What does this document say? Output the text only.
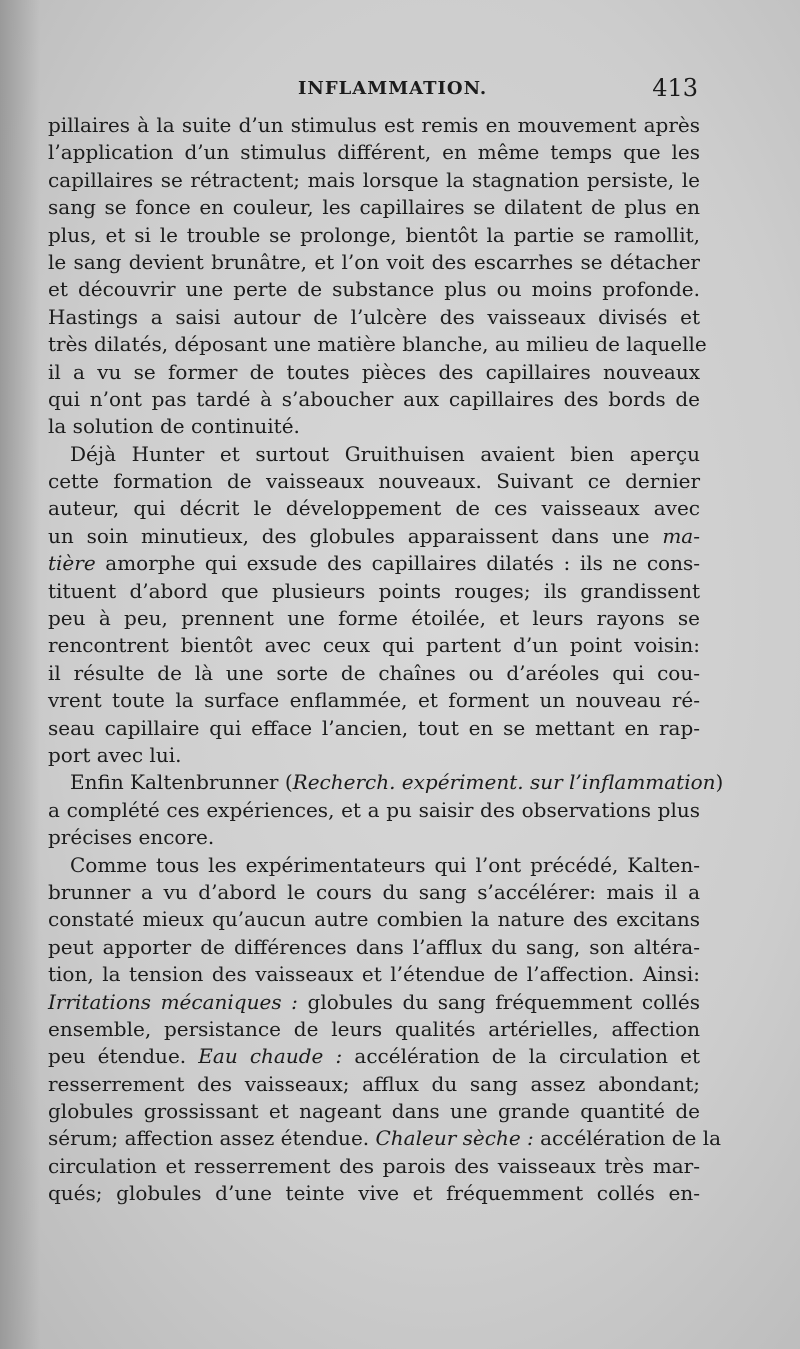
INFLAMMATION.	413
pillaires à la suite d’un stimulus est remis en mouvement après
l’application d’un stimulus différent, en même temps que les
capillaires se rétractent; mais lorsque la stagnation persiste, le
sang se fonce en couleur, les capillaires se dilatent de plus en
plus, et si le trouble se prolonge, bientôt la partie se ramollit,
le sang devient brunâtre, et l’on voit des escarrhes se détacher
et découvrir une perte de substance plus ou moins profonde.
Hastings a saisi autour de l’ulcère des vaisseaux divisés et
très dilatés, déposant une matière blanche, au milieu de laquelle
il a vu se former de toutes pièces des capillaires nouveaux
qui n’ont pas tardé à s’aboucher aux capillaires des bords de
la solution de continuité.
Déjà Hunter et surtout Gruithuisen avaient bien aperçu
cette formation de vaisseaux nouveaux. Suivant ce dernier
auteur, qui décrit le développement de ces vaisseaux avec
un soin minutieux, des globules apparaissent dans une ma-
tière amorphe qui exsude des capillaires dilatés : ils ne cons-
tituent d’abord que plusieurs points rouges; ils grandissent
peu à peu, prennent une forme étoilée, et leurs rayons se
rencontrent bientôt avec ceux qui partent d’un point voisin:
il résulte de là une sorte de chaînes ou d’aréoles qui cou-
vrent toute la surface enflammée, et forment un nouveau ré-
seau capillaire qui efface l’ancien, tout en se mettant en rap-
port avec lui.
Enfin Kaltenbrunner (Recherch. expériment. sur l’inflammation)
a complété ces expériences, et a pu saisir des observations plus
précises encore.
Comme tous les expérimentateurs qui l’ont précédé, Kalten-
brunner a vu d’abord le cours du sang s’accélérer: mais il a
constaté mieux qu’aucun autre combien la nature des excitans
peut apporter de différences dans l’afflux du sang, son altéra-
tion, la tension des vaisseaux et l’étendue de l’affection. Ainsi:
Irritations mécaniques : globules du sang fréquemment collés
ensemble, persistance de leurs qualités artérielles, affection
peu étendue. Eau chaude : accélération de la circulation et
resserrement des vaisseaux; afflux du sang assez abondant;
globules grossissant et nageant dans une grande quantité de
sérum; affection assez étendue. Chaleur sèche : accélération de la
circulation et resserrement des parois des vaisseaux très mar-
qués; globules d’une teinte vive et fréquemment collés en-
